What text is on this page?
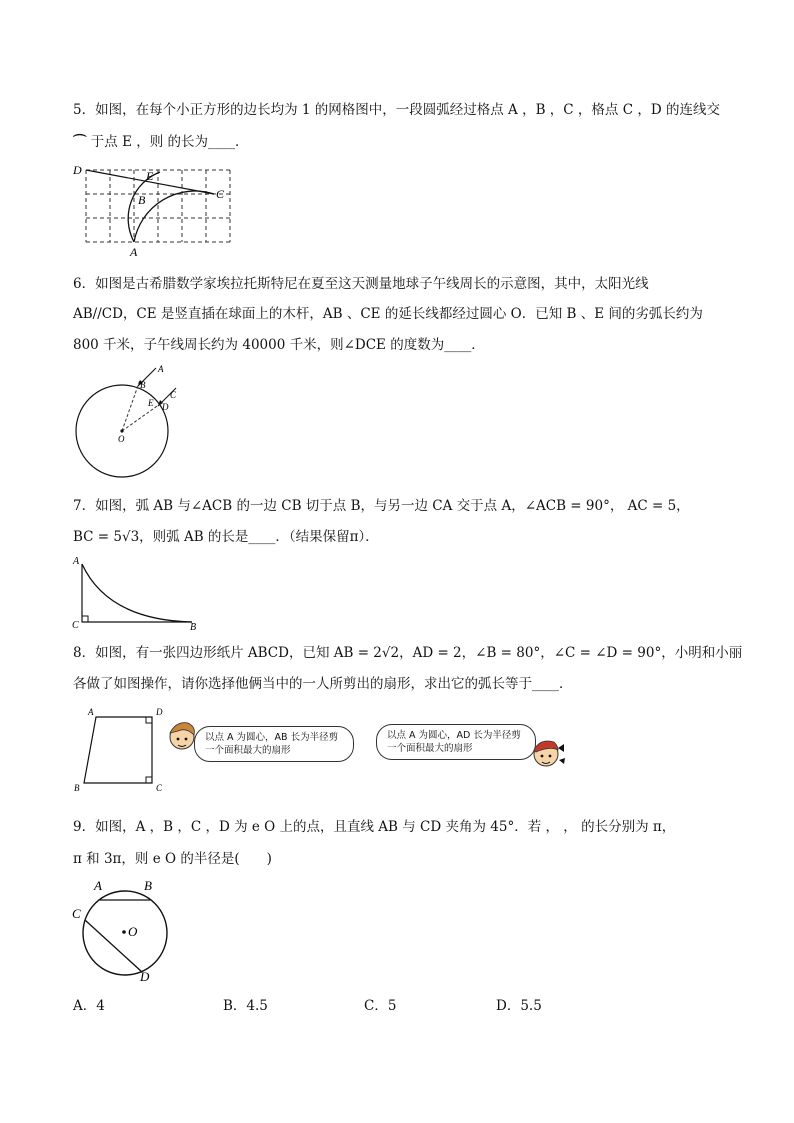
5．如图，在每个小正方形的边长均为 1 的网格图中，一段圆弧经过格点 A ，B ，C ，格点 C ，D 的连线交
⌒ 于点 E ，则 的长为____．
D	E
B	C
A
6．如图是古希腊数学家埃拉托斯特尼在夏至这天测量地球子午线周长的示意图，其中，太阳光线
AB//CD，CE 是竖直插在球面上的木杆，AB 、CE 的延长线都经过圆心 O．已知 B 、E 间的劣弧长约为
800 千米，子午线周长约为 40000 千米，则∠DCE 的度数为____．
A
B
C
D
E
O
7．如图，弧 AB 与∠ACB 的一边 CB 切于点 B，与另一边 CA 交于点 A，∠ACB = 90°， AC = 5，
BC = 5√3，则弧 AB 的长是____．（结果保留π）．
A
C	B
8．如图，有一张四边形纸片 ABCD，已知 AB = 2√2，AD = 2，∠B = 80°，∠C = ∠D = 90°，小明和小丽
各做了如图操作，请你选择他俩当中的一人所剪出的扇形，求出它的弧长等于____．
A	D
B	C
以点 A 为圆心，AB 长为半径剪
一个面积最大的扇形
以点 A 为圆心，AD 长为半径剪
一个面积最大的扇形
9．如图，A ，B ，C ，D 为 e O 上的点，且直线 AB 与 CD 夹角为 45°．若 ， ， 的长分别为 π，
π 和 3π，则 e O 的半径是(　　)
A	B
C
D
O
A．4	B．4.5	C．5	D．5.5
